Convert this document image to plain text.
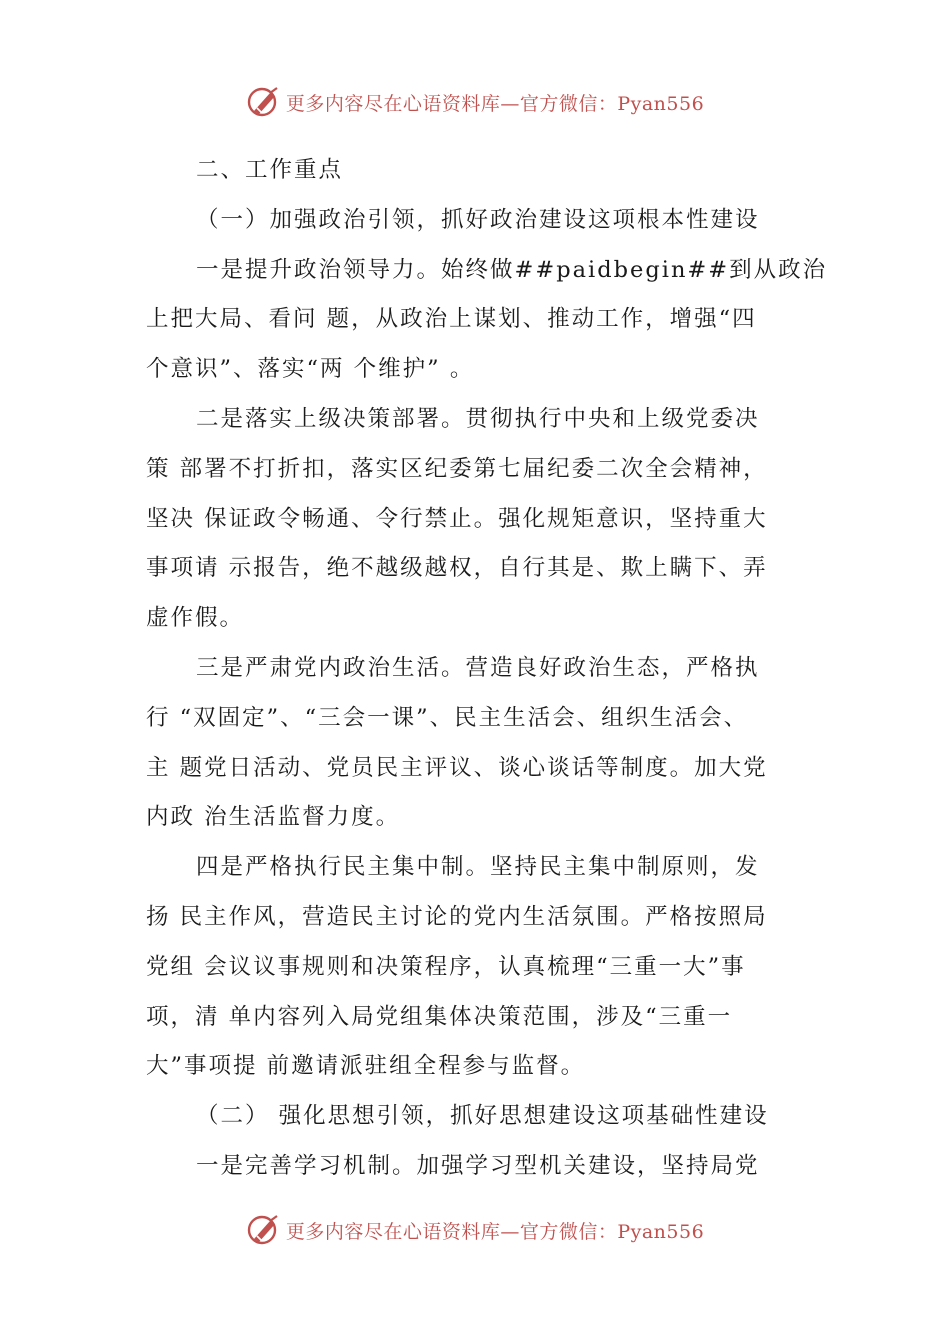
更多内容尽在心语资料库—官方微信：Pyan556
二、工作重点
（一）加强政治引领，抓好政治建设这项根本性建设
一是提升政治领导力。始终做##paidbegin##到从政治
上把大局、看问 题，从政治上谋划、推动工作，增强“四
个意识”、落实“两 个维护” 。
二是落实上级决策部署。贯彻执行中央和上级党委决
策 部署不打折扣，落实区纪委第七届纪委二次全会精神，
坚决 保证政令畅通、令行禁止。强化规矩意识，坚持重大
事项请 示报告，绝不越级越权，自行其是、欺上瞒下、弄
虚作假。
三是严肃党内政治生活。营造良好政治生态，严格执
行 “双固定”、“三会一课”、民主生活会、组织生活会、
主 题党日活动、党员民主评议、谈心谈话等制度。加大党
内政 治生活监督力度。
四是严格执行民主集中制。坚持民主集中制原则，发
扬 民主作风，营造民主讨论的党内生活氛围。严格按照局
党组 会议议事规则和决策程序，认真梳理“三重一大”事
项，清 单内容列入局党组集体决策范围，涉及“三重一
大”事项提 前邀请派驻组全程参与监督。
（二） 强化思想引领，抓好思想建设这项基础性建设
一是完善学习机制。加强学习型机关建设，坚持局党
更多内容尽在心语资料库—官方微信：Pyan556
